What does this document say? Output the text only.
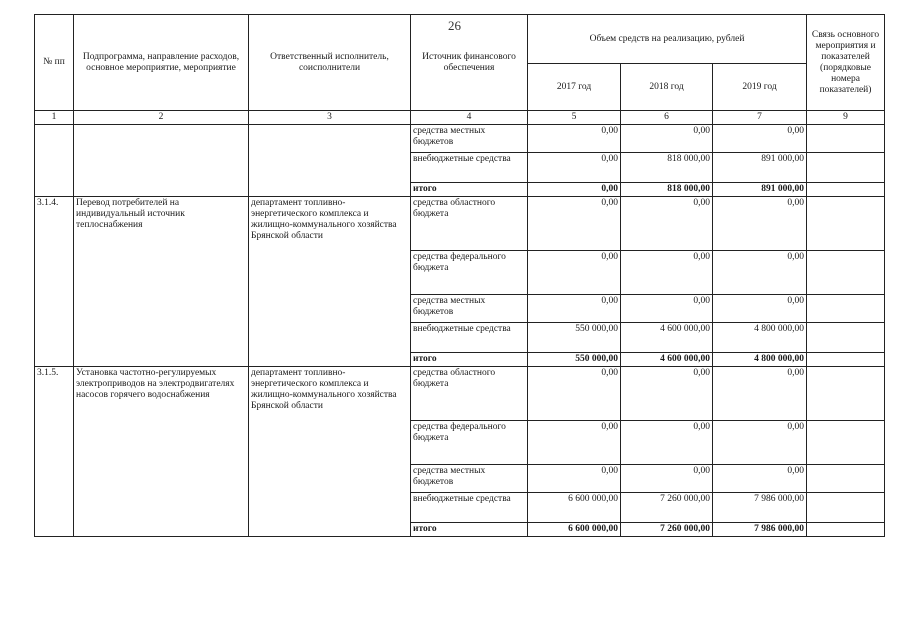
26
№ пп	Подпрограмма, направление расходов, основное мероприятие, мероприятие	Ответственный исполнитель, соисполнители	Источник финансового обеспечения	Объем средств на реализацию, рублей			Связь основного мероприятия и показателей (порядковые номера показателей)
				2017 год	2018 год	2019 год	
1	2	3	4	5	6	7	9
			средства местных бюджетов	0,00	0,00	0,00	
			внебюджетные средства	0,00	818 000,00	891 000,00	
			итого	0,00	818 000,00	891 000,00	
3.1.4.	Перевод потребителей на индивидуальный источник теплоснабжения	департамент топливно-энергетического комплекса и жилищно-коммунального хозяйства Брянской области	средства областного бюджета	0,00	0,00	0,00	
			средства федерального бюджета	0,00	0,00	0,00	
			средства местных бюджетов	0,00	0,00	0,00	
			внебюджетные средства	550 000,00	4 600 000,00	4 800 000,00	
			итого	550 000,00	4 600 000,00	4 800 000,00	
3.1.5.	Установка частотно-регулируемых электроприводов на электродвигателях насосов горячего водоснабжения	департамент топливно-энергетического комплекса и жилищно-коммунального хозяйства Брянской области	средства областного бюджета	0,00	0,00	0,00	
			средства федерального бюджета	0,00	0,00	0,00	
			средства местных бюджетов	0,00	0,00	0,00	
			внебюджетные средства	6 600 000,00	7 260 000,00	7 986 000,00	
			итого	6 600 000,00	7 260 000,00	7 986 000,00	
